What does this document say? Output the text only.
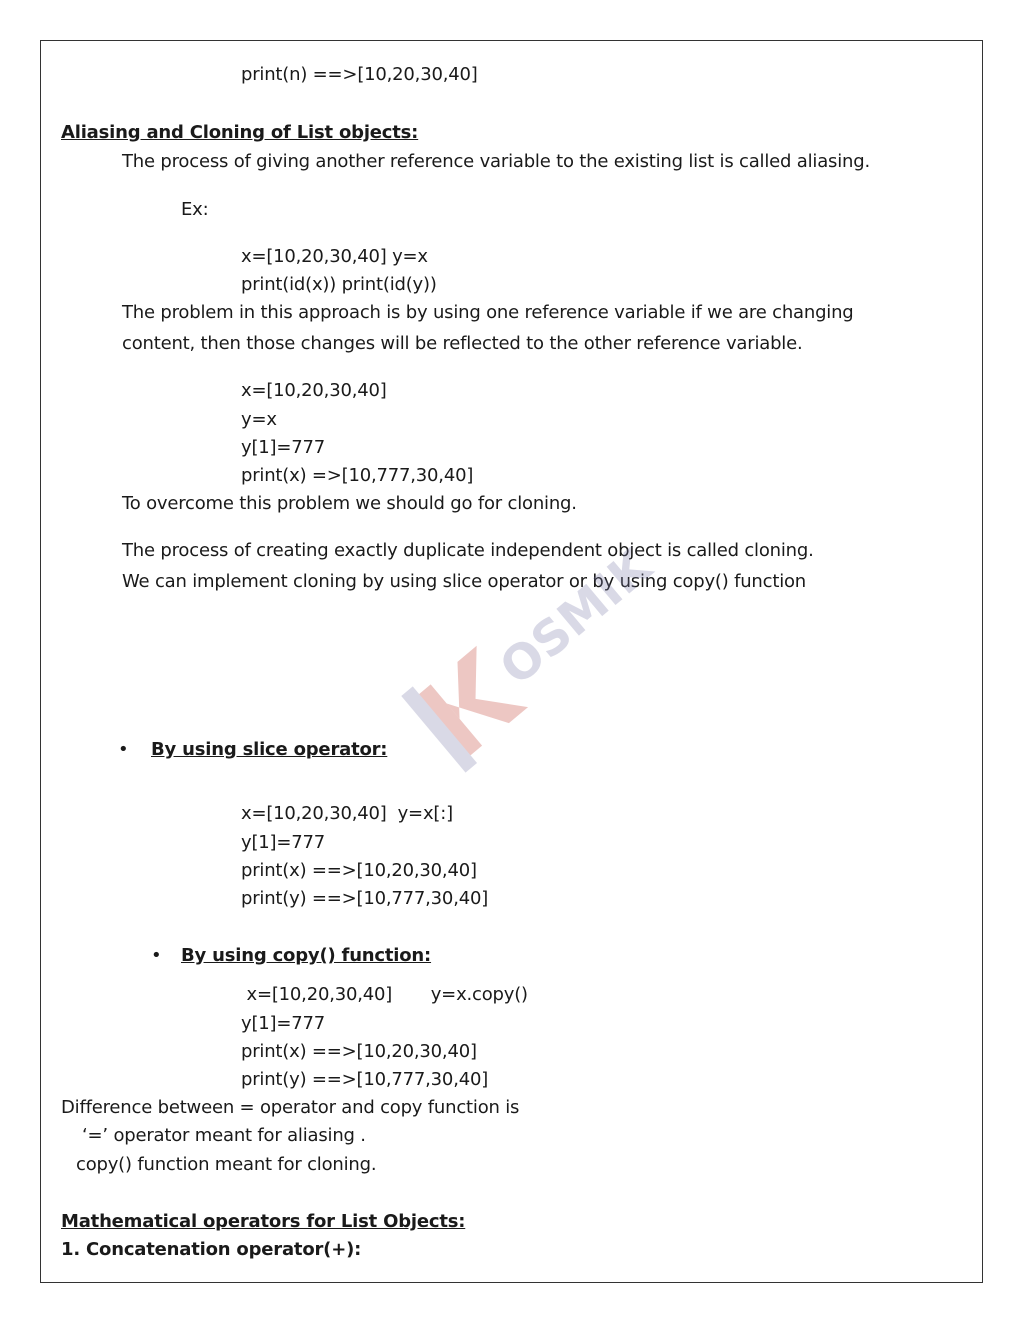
print(n) ==>[10,20,30,40]
Aliasing and Cloning of List objects:
The process of giving another reference variable to the existing list is called aliasing.
Ex:
x=[10,20,30,40] y=x
print(id(x)) print(id(y))
The problem in this approach is by using one reference variable if we are changing
content, then those changes will be reflected to the other reference variable.
x=[10,20,30,40]
y=x
y[1]=777
print(x) =>[10,777,30,40]
To overcome this problem we should go for cloning.
The process of creating exactly duplicate independent object is called cloning.
We can implement cloning by using slice operator or by using copy() function
OSMIK
• By using slice operator:
x=[10,20,30,40]  y=x[:]
y[1]=777
print(x) ==>[10,20,30,40]
print(y) ==>[10,777,30,40]
• By using copy() function:
x=[10,20,30,40]       y=x.copy()
y[1]=777
print(x) ==>[10,20,30,40]
print(y) ==>[10,777,30,40]
Difference between = operator and copy function is
‘=’ operator meant for aliasing .
copy() function meant for cloning.
Mathematical operators for List Objects:
1. Concatenation operator(+):
